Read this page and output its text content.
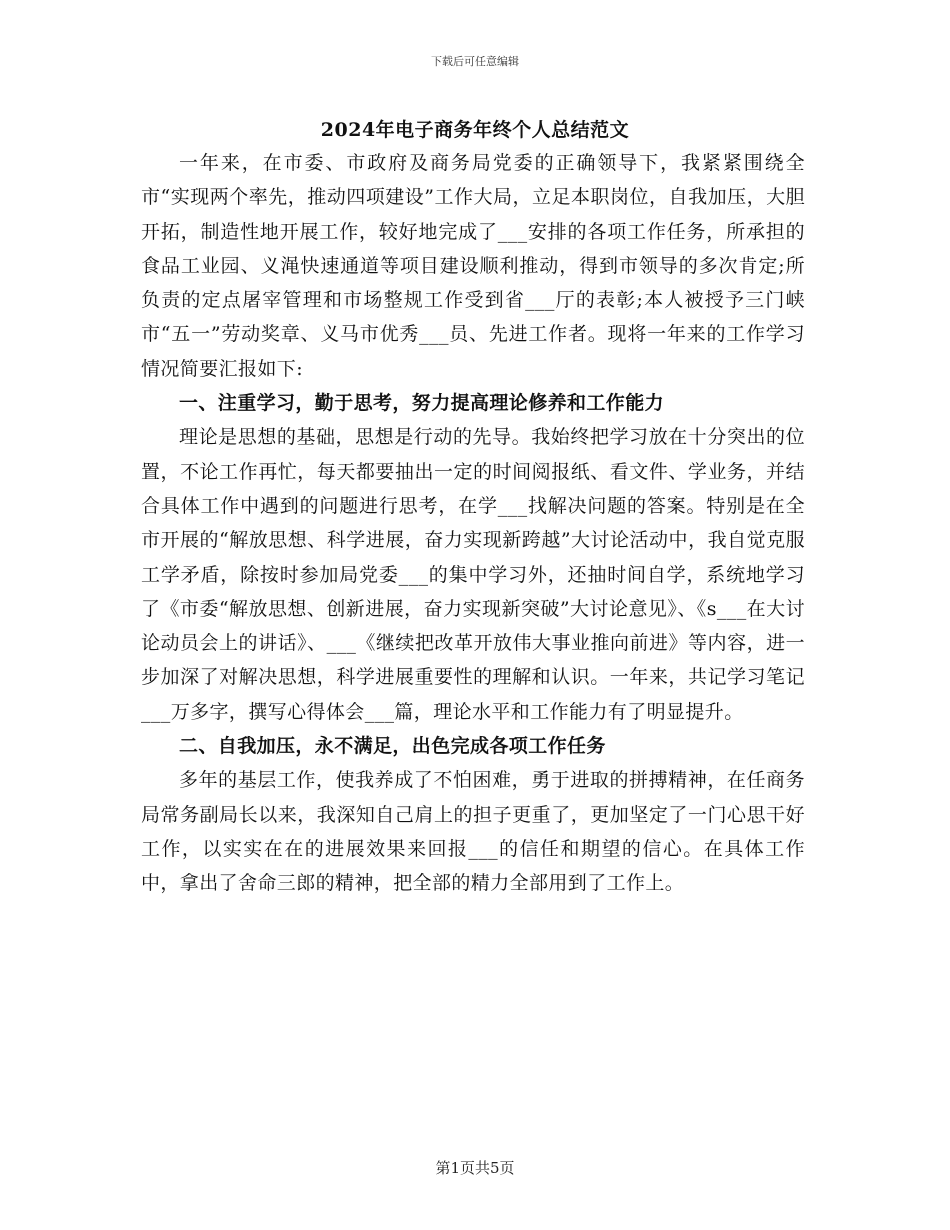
下载后可任意编辑
2024年电子商务年终个人总结范文

一年来，在市委、市政府及商务局党委的正确领导下，我紧紧围绕全市“实现两个率先，推动四项建设”工作大局，立足本职岗位，自我加压，大胆开拓，制造性地开展工作，较好地完成了___安排的各项工作任务，所承担的食品工业园、义渑快速通道等项目建设顺利推动，得到市领导的多次肯定;所负责的定点屠宰管理和市场整规工作受到省___厅的表彰;本人被授予三门峡市“五一”劳动奖章、义马市优秀___员、先进工作者。现将一年来的工作学习情况简要汇报如下:

一、注重学习，勤于思考，努力提高理论修养和工作能力

理论是思想的基础，思想是行动的先导。我始终把学习放在十分突出的位置，不论工作再忙，每天都要抽出一定的时间阅报纸、看文件、学业务，并结合具体工作中遇到的问题进行思考，在学___找解决问题的答案。特别是在全市开展的“解放思想、科学进展，奋力实现新跨越”大讨论活动中，我自觉克服工学矛盾，除按时参加局党委___的集中学习外，还抽时间自学，系统地学习了《市委“解放思想、创新进展，奋力实现新突破”大讨论意见》、《s___在大讨论动员会上的讲话》、___《继续把改革开放伟大事业推向前进》等内容，进一步加深了对解决思想，科学进展重要性的理解和认识。一年来，共记学习笔记___万多字，撰写心得体会___篇，理论水平和工作能力有了明显提升。

二、自我加压，永不满足，出色完成各项工作任务

多年的基层工作，使我养成了不怕困难，勇于进取的拼搏精神，在任商务局常务副局长以来，我深知自己肩上的担子更重了，更加坚定了一门心思干好工作，以实实在在的进展效果来回报___的信任和期望的信心。在具体工作中，拿出了舍命三郎的精神，把全部的精力全部用到了工作上。

第1页共5页
